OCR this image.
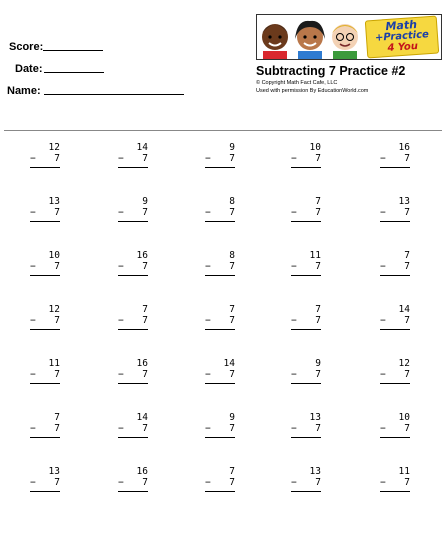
Score:
Date:
Name:
Math
+Practice
4 You
Subtracting 7 Practice #2
© Copyright Math Fact Cafe, LLC
Used with permission By EducationWorld.com
12
− 7
14
− 7
9
− 7
10
− 7
16
− 7
13
− 7
9
− 7
8
− 7
7
− 7
13
− 7
10
− 7
16
− 7
8
− 7
11
− 7
7
− 7
12
− 7
7
− 7
7
− 7
7
− 7
14
− 7
11
− 7
16
− 7
14
− 7
9
− 7
12
− 7
7
− 7
14
− 7
9
− 7
13
− 7
10
− 7
13
− 7
16
− 7
7
− 7
13
− 7
11
− 7
